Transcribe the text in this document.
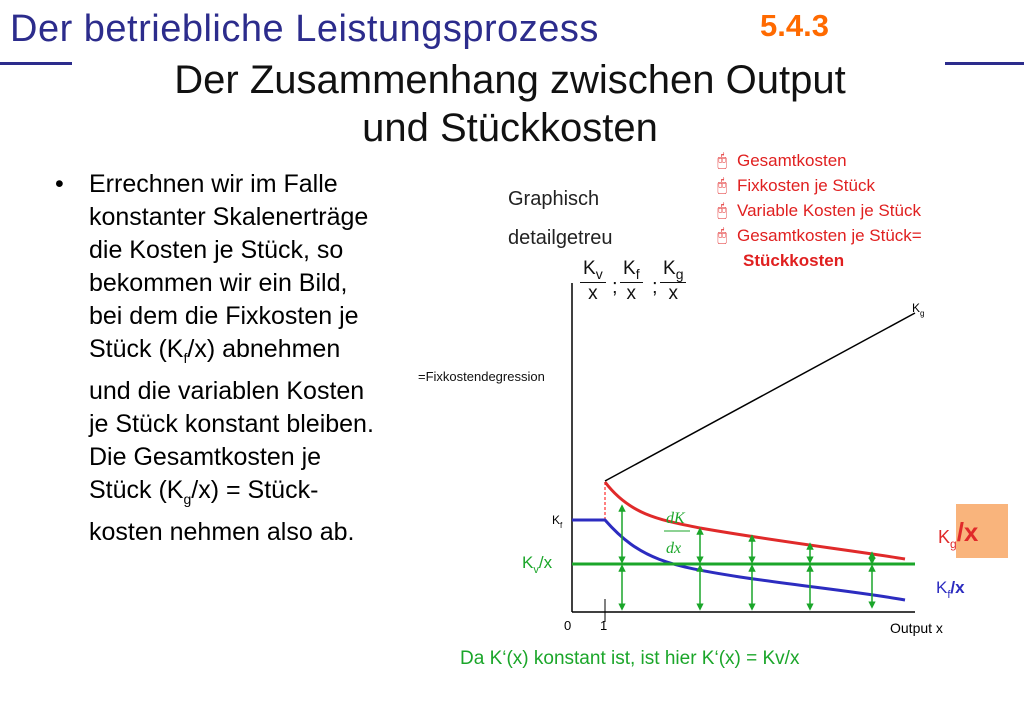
Der betriebliche Leistungsprozess	5.4.3
Der Zusammenhang zwischen Output
und Stückkosten
• Errechnen wir im Falle
konstanter Skalenerträge
die Kosten je Stück, so
bekommen wir ein Bild,
bei dem die Fixkosten je
Stück $(K_f/x)$ abnehmen
und die variablen Kosten
je Stück konstant bleiben.
Die Gesamtkosten je
Stück $(K_g/x)$ = Stück-
kosten nehmen also ab.
Graphisch
detailgetreu
$\frac{K_v}{x}$ ; $\frac{K_f}{x}$ ; $\frac{K_g}{x}$
=Fixkostendegression
🖰 Gesamtkosten
🖰 Fixkosten je Stück
🖰 Variable Kosten je Stück
🖰 Gesamtkosten je Stück=
Stückkosten
dK
dx
0 1	Output x
$K_g$
$K_f$
$K_v/x$
$K_g/x$
$K_f/x$
Da K‘(x) konstant ist, ist hier K‘(x) = Kv/x
